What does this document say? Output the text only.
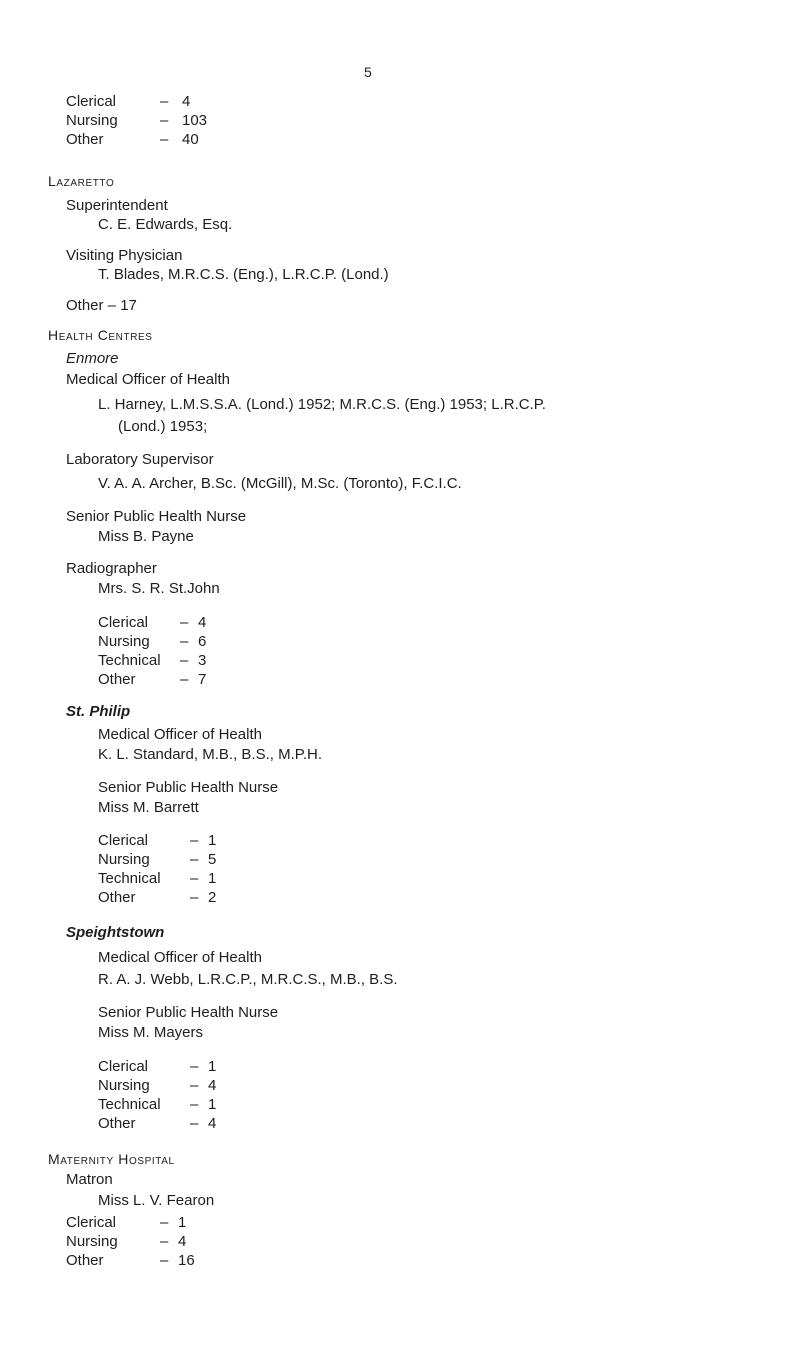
5
Clerical	– 4
Nursing	– 103
Other	– 40
Lazaretto
Superintendent
C. E. Edwards, Esq.
Visiting Physician
T. Blades, M.R.C.S. (Eng.), L.R.C.P. (Lond.)
Other – 17
Health Centres
Enmore
Medical Officer of Health
L. Harney, L.M.S.S.A. (Lond.) 1952; M.R.C.S. (Eng.) 1953; L.R.C.P.
(Lond.) 1953;
Laboratory Supervisor
V. A. A. Archer, B.Sc. (McGill), M.Sc. (Toronto), F.C.I.C.
Senior Public Health Nurse
Miss B. Payne
Radiographer
Mrs. S. R. St.John
Clerical – 4
Nursing – 6
Technical – 3
Other	– 7
St. Philip
Medical Officer of Health
K. L. Standard, M.B., B.S., M.P.H.
Senior Public Health Nurse
Miss M. Barrett
Clerical	– 1
Nursing	– 5
Technical – 1
Other	– 2
Speightstown
Medical Officer of Health
R. A. J. Webb, L.R.C.P., M.R.C.S., M.B., B.S.
Senior Public Health Nurse
Miss M. Mayers
Clerical	– 1
Nursing	– 4
Technical – 1
Other	– 4
Maternity Hospital
Matron
Miss L. V. Fearon
Clerical	– 1
Nursing	– 4
Other	– 16
